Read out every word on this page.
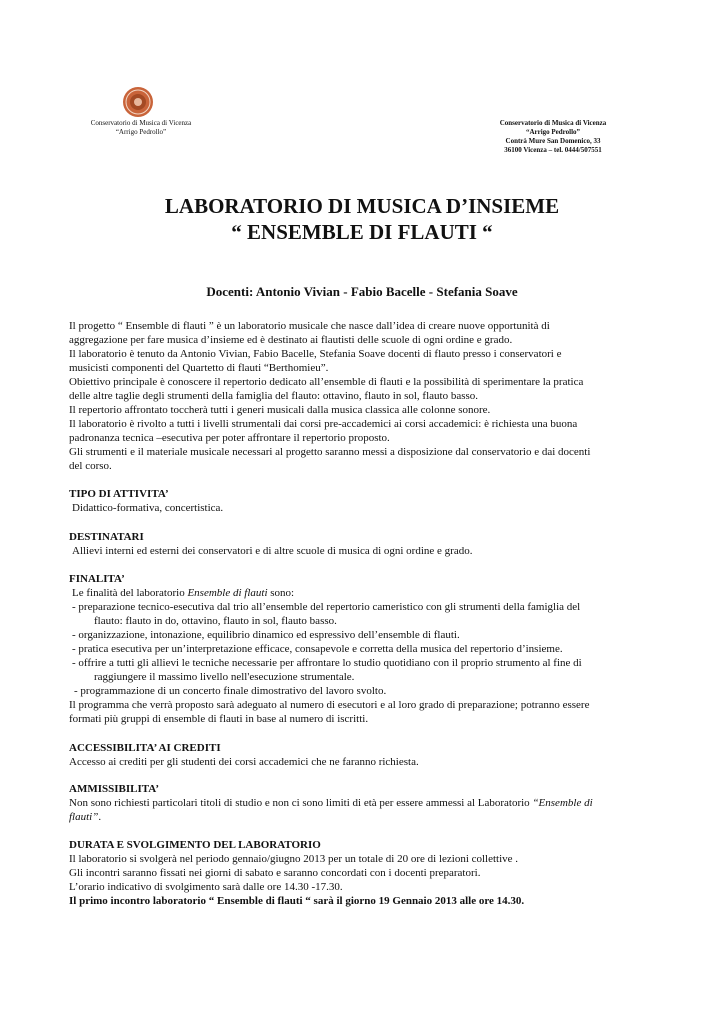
Conservatorio di Musica di Vicenza
“Arrigo Pedrollo”
Conservatorio di Musica di Vicenza
“Arrigo Pedrollo”
Contrà Mure San Domenico, 33
36100 Vicenza – tel. 0444/507551
LABORATORIO DI MUSICA D’INSIEME
“ ENSEMBLE DI FLAUTI “
Docenti: Antonio Vivian - Fabio Bacelle - Stefania Soave

Il progetto “ Ensemble di flauti ” è un laboratorio musicale che nasce dall’idea di creare nuove opportunità di

aggregazione per fare musica d’insieme ed è destinato ai flautisti delle scuole di ogni ordine e grado.

Il laboratorio è tenuto da Antonio Vivian, Fabio Bacelle, Stefania Soave docenti di flauto presso i conservatori e

musicisti componenti del Quartetto di flauti “Berthomieu”.

Obiettivo principale è conoscere il repertorio dedicato all’ensemble di flauti e la possibilità di sperimentare la pratica

delle altre taglie degli strumenti della famiglia del flauto: ottavino, flauto in sol, flauto basso.

Il repertorio affrontato toccherà tutti i generi musicali dalla musica classica alle colonne sonore.

Il laboratorio è rivolto a tutti i livelli strumentali dai corsi pre-accademici ai corsi accademici: è richiesta una buona

padronanza tecnica –esecutiva per poter affrontare il repertorio proposto.

Gli strumenti e il materiale musicale necessari al progetto saranno messi a disposizione dal conservatorio e dai docenti

del corso.

TIPO DI ATTIVITA’

Didattico-formativa, concertistica.

DESTINATARI

Allievi interni ed esterni dei conservatori e di altre scuole di musica di ogni ordine e grado.

FINALITA’

Le finalità del laboratorio Ensemble di flauti sono:

- preparazione tecnico-esecutiva dal trio all’ensemble del repertorio cameristico con gli strumenti della famiglia del

flauto: flauto in do, ottavino, flauto in sol, flauto basso.

- organizzazione, intonazione, equilibrio dinamico ed espressivo dell’ensemble di flauti.

- pratica esecutiva per un’interpretazione efficace, consapevole e corretta della musica del repertorio d’insieme.

- offrire a tutti gli allievi le tecniche necessarie per affrontare lo studio quotidiano con il proprio strumento al fine di

raggiungere il massimo livello nell'esecuzione strumentale.

- programmazione di un concerto finale dimostrativo del lavoro svolto.

Il programma che verrà proposto sarà adeguato al numero di esecutori e al loro grado di preparazione; potranno essere

formati più gruppi di ensemble di flauti in base al numero di iscritti.

ACCESSIBILITA’ AI CREDITI

Accesso ai crediti per gli studenti dei corsi accademici che ne faranno richiesta.

AMMISSIBILITA’

Non sono richiesti particolari titoli di studio e non ci sono limiti di età per essere ammessi al Laboratorio “Ensemble di

flauti”.

DURATA E SVOLGIMENTO DEL LABORATORIO

Il laboratorio si svolgerà nel periodo gennaio/giugno 2013 per un totale di 20 ore di lezioni collettive .

Gli incontri saranno fissati nei giorni di sabato e saranno concordati con i docenti preparatori.

L’orario indicativo di svolgimento sarà dalle ore 14.30 -17.30.

Il primo incontro laboratorio “ Ensemble di flauti “ sarà il giorno 19 Gennaio 2013 alle ore 14.30.
